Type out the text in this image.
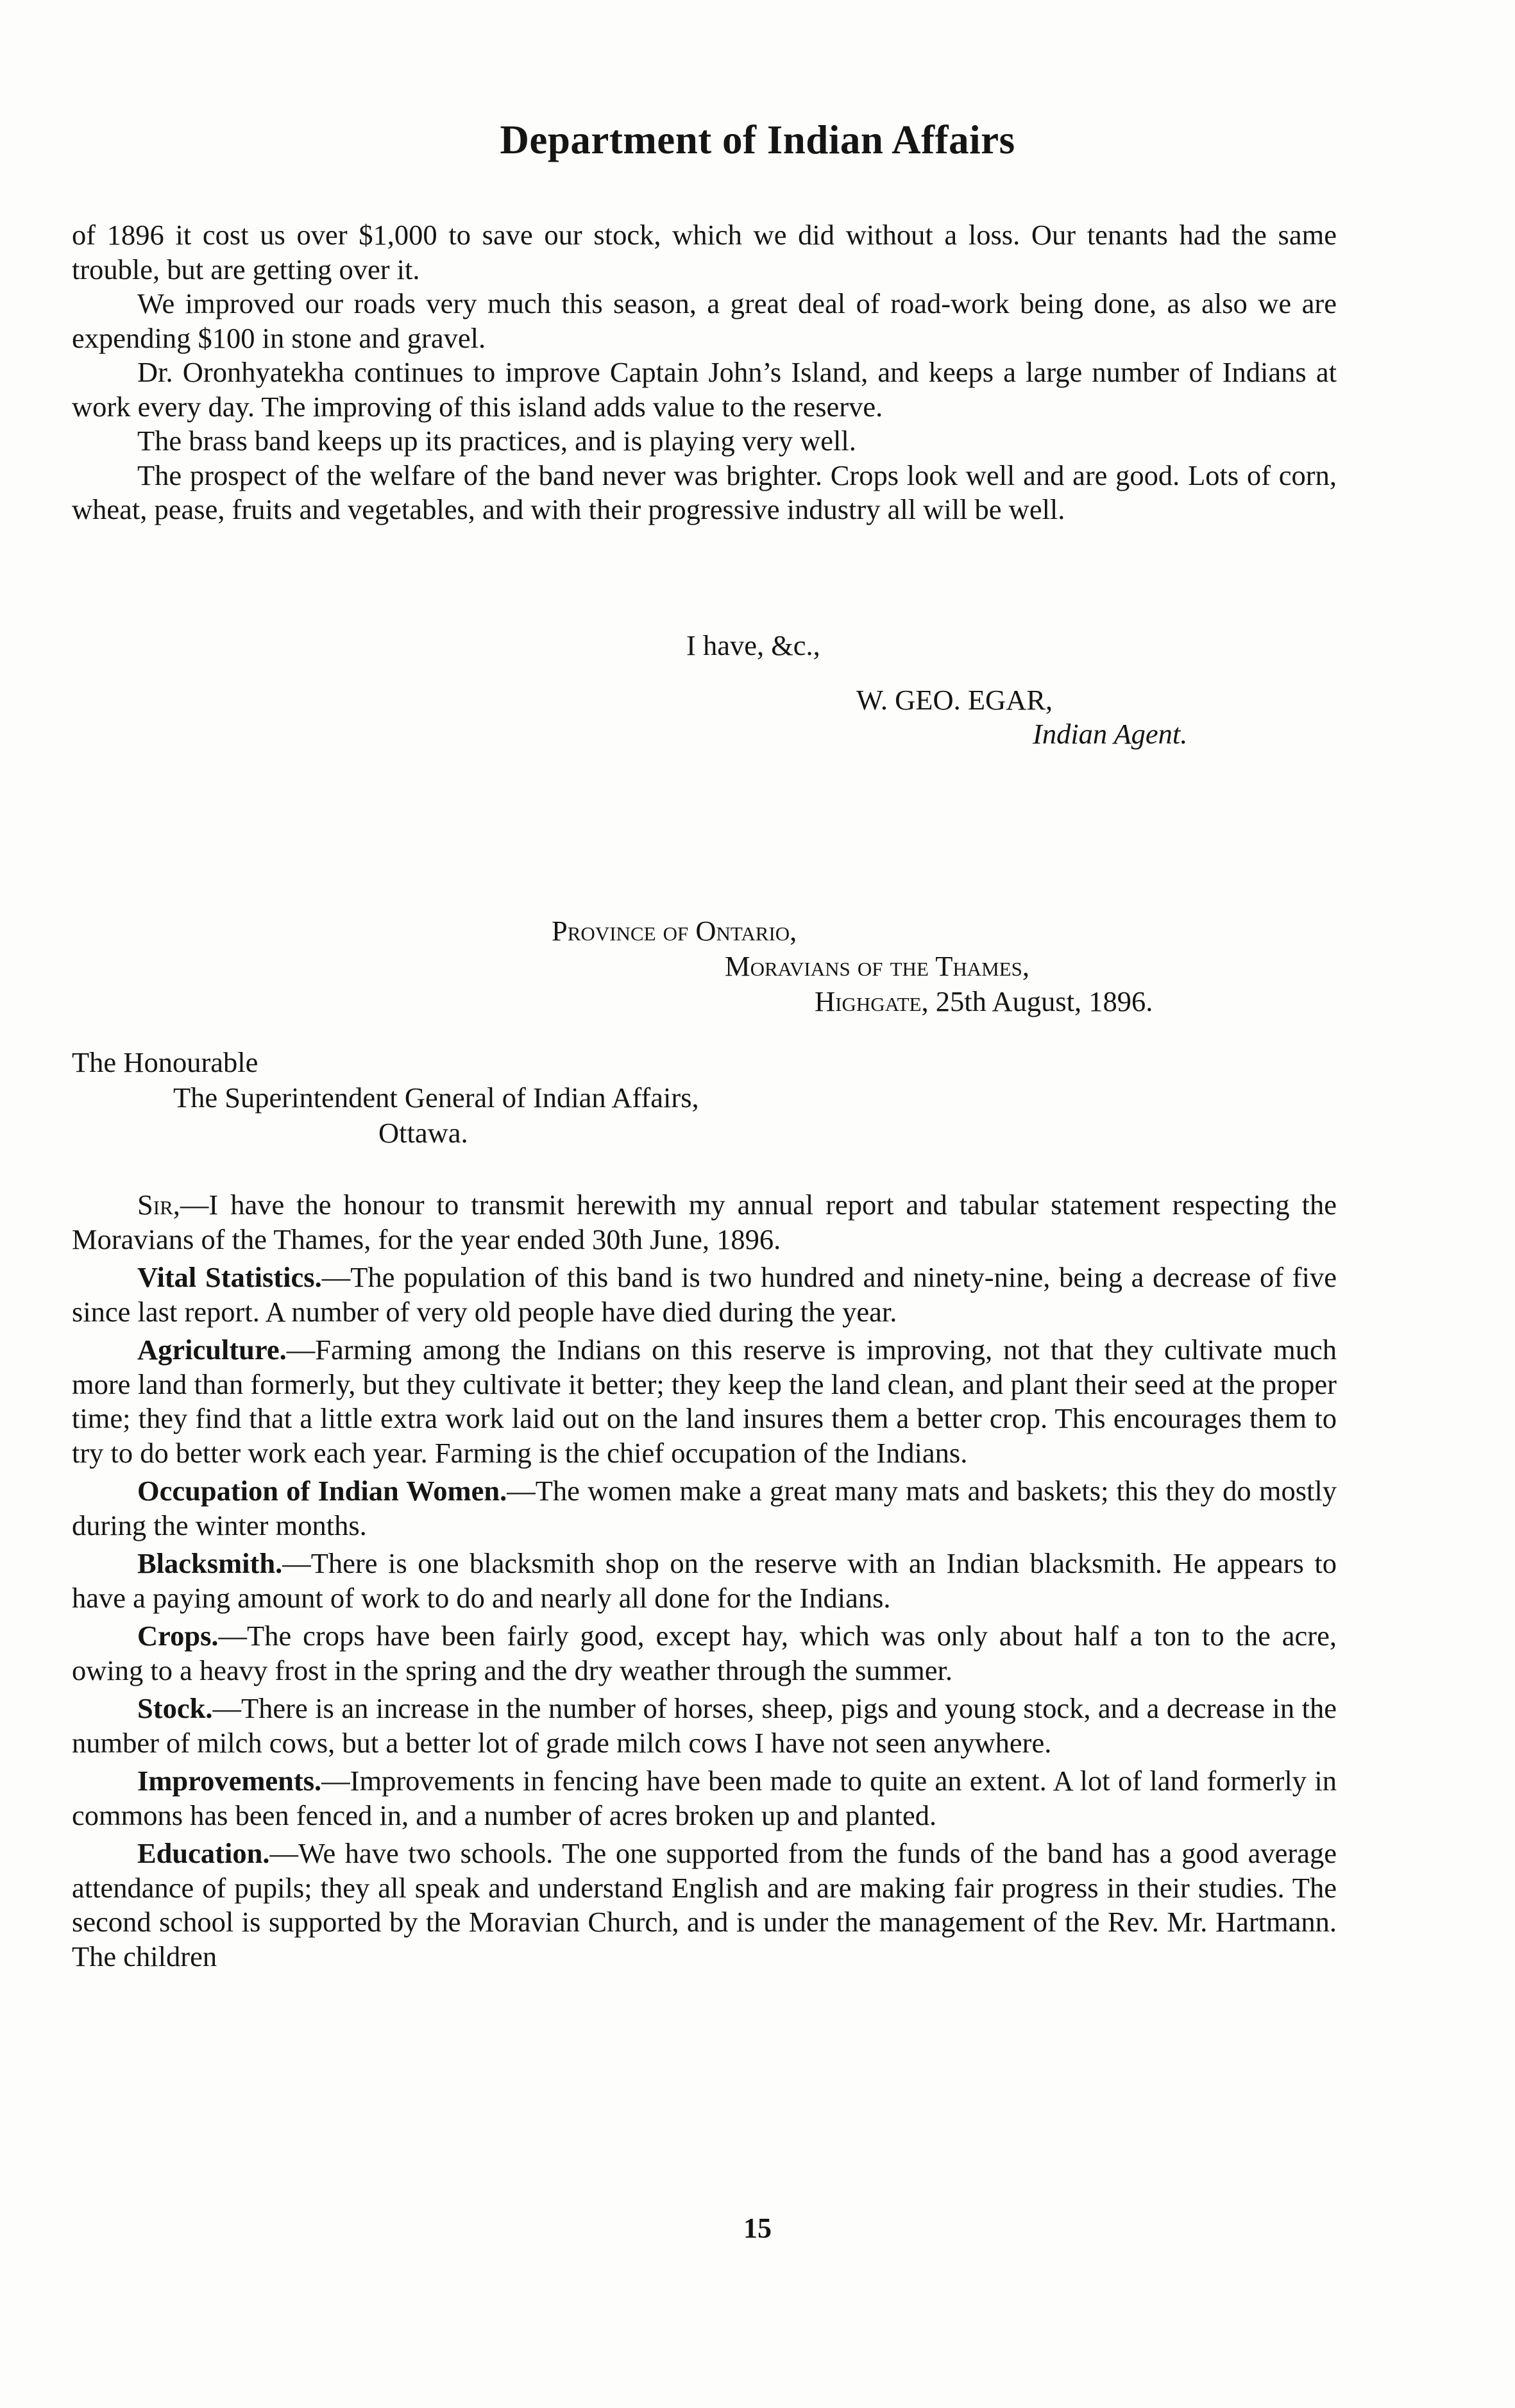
Department of Indian Affairs

of 1896 it cost us over $1,000 to save our stock, which we did without a loss. Our tenants had the same trouble, but are getting over it.

We improved our roads very much this season, a great deal of road-work being done, as also we are expending $100 in stone and gravel.

Dr. Oronhyatekha continues to improve Captain John’s Island, and keeps a large number of Indians at work every day. The improving of this island adds value to the reserve.

The brass band keeps up its practices, and is playing very well.

The prospect of the welfare of the band never was brighter. Crops look well and are good. Lots of corn, wheat, pease, fruits and vegetables, and with their progressive industry all will be well.

I have, &c.,
W. GEO. EGAR,
Indian Agent.
Province of Ontario,
Moravians of the Thames,
Highgate, 25th August, 1896.
The Honourable
The Superintendent General of Indian Affairs,
Ottawa.

Sir,—I have the honour to transmit herewith my annual report and tabular statement respecting the Moravians of the Thames, for the year ended 30th June, 1896.

Vital Statistics.—The population of this band is two hundred and ninety-nine, being a decrease of five since last report. A number of very old people have died during the year.

Agriculture.—Farming among the Indians on this reserve is improving, not that they cultivate much more land than formerly, but they cultivate it better; they keep the land clean, and plant their seed at the proper time; they find that a little extra work laid out on the land insures them a better crop. This encourages them to try to do better work each year. Farming is the chief occupation of the Indians.

Occupation of Indian Women.—The women make a great many mats and baskets; this they do mostly during the winter months.

Blacksmith.—There is one blacksmith shop on the reserve with an Indian blacksmith. He appears to have a paying amount of work to do and nearly all done for the Indians.

Crops.—The crops have been fairly good, except hay, which was only about half a ton to the acre, owing to a heavy frost in the spring and the dry weather through the summer.

Stock.—There is an increase in the number of horses, sheep, pigs and young stock, and a decrease in the number of milch cows, but a better lot of grade milch cows I have not seen anywhere.

Improvements.—Improvements in fencing have been made to quite an extent. A lot of land formerly in commons has been fenced in, and a number of acres broken up and planted.

Education.—We have two schools. The one supported from the funds of the band has a good average attendance of pupils; they all speak and understand English and are making fair progress in their studies. The second school is supported by the Moravian Church, and is under the management of the Rev. Mr. Hartmann. The children

15
